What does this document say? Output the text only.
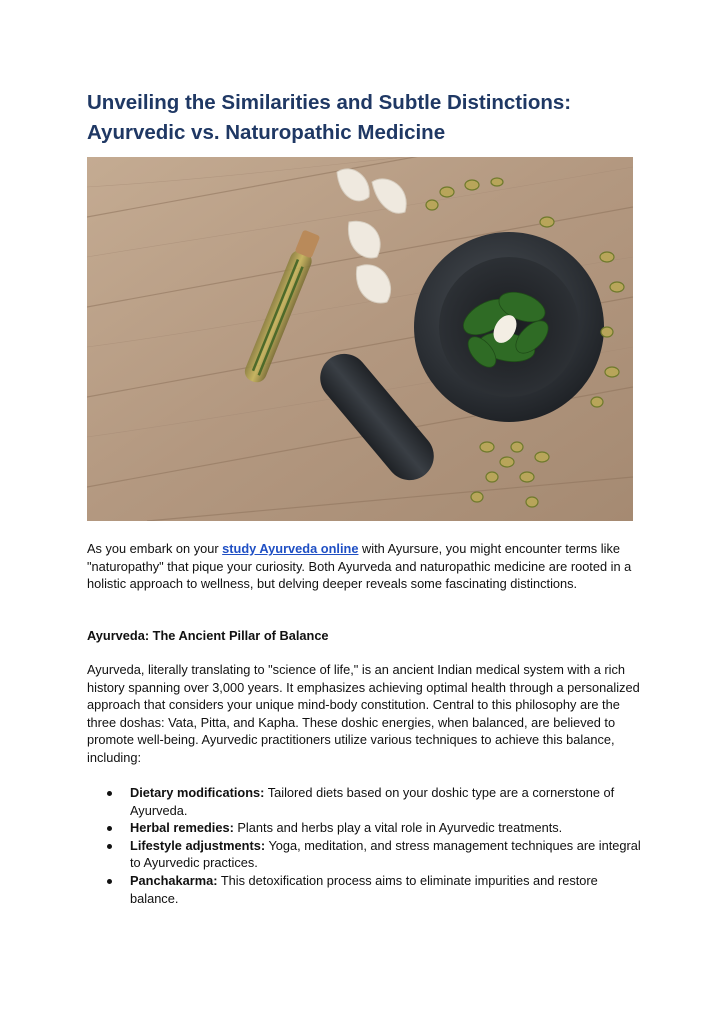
Unveiling the Similarities and Subtle Distinctions: Ayurvedic vs. Naturopathic Medicine

As you embark on your study Ayurveda online with Ayursure, you might encounter terms like "naturopathy" that pique your curiosity. Both Ayurveda and naturopathic medicine are rooted in a holistic approach to wellness, but delving deeper reveals some fascinating distinctions.

Ayurveda: The Ancient Pillar of Balance

Ayurveda, literally translating to "science of life," is an ancient Indian medical system with a rich history spanning over 3,000 years. It emphasizes achieving optimal health through a personalized approach that considers your unique mind-body constitution. Central to this philosophy are the three doshas: Vata, Pitta, and Kapha. These doshic energies, when balanced, are believed to promote well-being. Ayurvedic practitioners utilize various techniques to achieve this balance, including:

Dietary modifications: Tailored diets based on your doshic type are a cornerstone of Ayurveda.
Herbal remedies: Plants and herbs play a vital role in Ayurvedic treatments.
Lifestyle adjustments: Yoga, meditation, and stress management techniques are integral to Ayurvedic practices.
Panchakarma: This detoxification process aims to eliminate impurities and restore balance.
